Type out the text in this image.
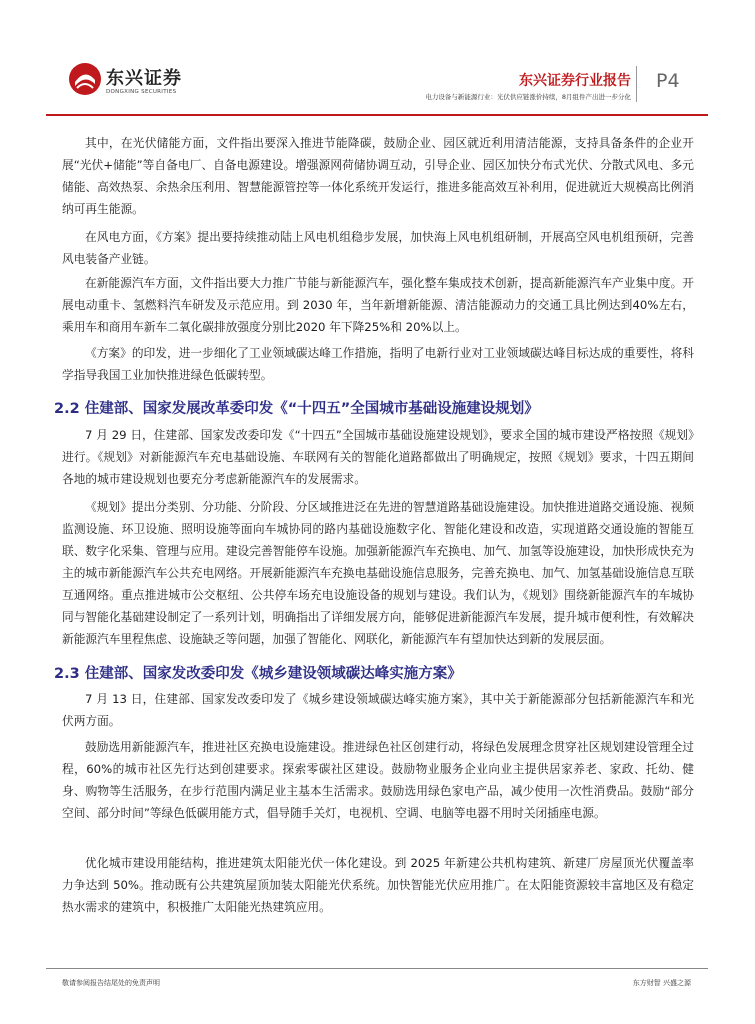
东兴证券
DONGXING SECURITIES
东兴证券行业报告
电力设备与新能源行业：光伏供应链涨价持续，8月组件产出进一步分化
P4

其中，在光伏储能方面，文件指出要深入推进节能降碳，鼓励企业、园区就近利用清洁能源，支持具备条件的企业开展“光伏+储能”等自备电厂、自备电源建设。增强源网荷储协调互动，引导企业、园区加快分布式光伏、分散式风电、多元储能、高效热泵、余热余压利用、智慧能源管控等一体化系统开发运行，推进多能高效互补利用，促进就近大规模高比例消纳可再生能源。

在风电方面，《方案》提出要持续推动陆上风电机组稳步发展，加快海上风电机组研制，开展高空风电机组预研，完善风电装备产业链。

在新能源汽车方面，文件指出要大力推广节能与新能源汽车，强化整车集成技术创新，提高新能源汽车产业集中度。开展电动重卡、氢燃料汽车研发及示范应用。到 2030 年，当年新增新能源、清洁能源动力的交通工具比例达到40%左右，乘用车和商用车新车二氧化碳排放强度分别比2020 年下降25%和 20%以上。

《方案》的印发，进一步细化了工业领域碳达峰工作措施，指明了电新行业对工业领域碳达峰目标达成的重要性，将科学指导我国工业加快推进绿色低碳转型。

2.2 住建部、国家发展改革委印发《“十四五”全国城市基础设施建设规划》

7 月 29 日，住建部、国家发改委印发《“十四五”全国城市基础设施建设规划》，要求全国的城市建设严格按照《规划》进行。《规划》对新能源汽车充电基础设施、车联网有关的智能化道路都做出了明确规定，按照《规划》要求，十四五期间各地的城市建设规划也要充分考虑新能源汽车的发展需求。

《规划》提出分类别、分功能、分阶段、分区域推进泛在先进的智慧道路基础设施建设。加快推进道路交通设施、视频监测设施、环卫设施、照明设施等面向车城协同的路内基础设施数字化、智能化建设和改造，实现道路交通设施的智能互联、数字化采集、管理与应用。建设完善智能停车设施。加强新能源汽车充换电、加气、加氢等设施建设，加快形成快充为主的城市新能源汽车公共充电网络。开展新能源汽车充换电基础设施信息服务，完善充换电、加气、加氢基础设施信息互联互通网络。重点推进城市公交枢纽、公共停车场充电设施设备的规划与建设。我们认为，《规划》围绕新能源汽车的车城协同与智能化基础建设制定了一系列计划，明确指出了详细发展方向，能够促进新能源汽车发展，提升城市便利性，有效解决新能源汽车里程焦虑、设施缺乏等问题，加强了智能化、网联化，新能源汽车有望加快达到新的发展层面。

2.3 住建部、国家发改委印发《城乡建设领域碳达峰实施方案》

7 月 13 日，住建部、国家发改委印发了《城乡建设领域碳达峰实施方案》，其中关于新能源部分包括新能源汽车和光伏两方面。

鼓励选用新能源汽车，推进社区充换电设施建设。推进绿色社区创建行动，将绿色发展理念贯穿社区规划建设管理全过程，60%的城市社区先行达到创建要求。探索零碳社区建设。鼓励物业服务企业向业主提供居家养老、家政、托幼、健身、购物等生活服务，在步行范围内满足业主基本生活需求。鼓励选用绿色家电产品，减少使用一次性消费品。鼓励“部分空间、部分时间”等绿色低碳用能方式，倡导随手关灯，电视机、空调、电脑等电器不用时关闭插座电源。

优化城市建设用能结构，推进建筑太阳能光伏一体化建设。到 2025 年新建公共机构建筑、新建厂房屋顶光伏覆盖率力争达到 50%。推动既有公共建筑屋顶加装太阳能光伏系统。加快智能光伏应用推广。在太阳能资源较丰富地区及有稳定热水需求的建筑中，积极推广太阳能光热建筑应用。

敬请参阅报告结尾处的免责声明	东方财智 兴盛之源
